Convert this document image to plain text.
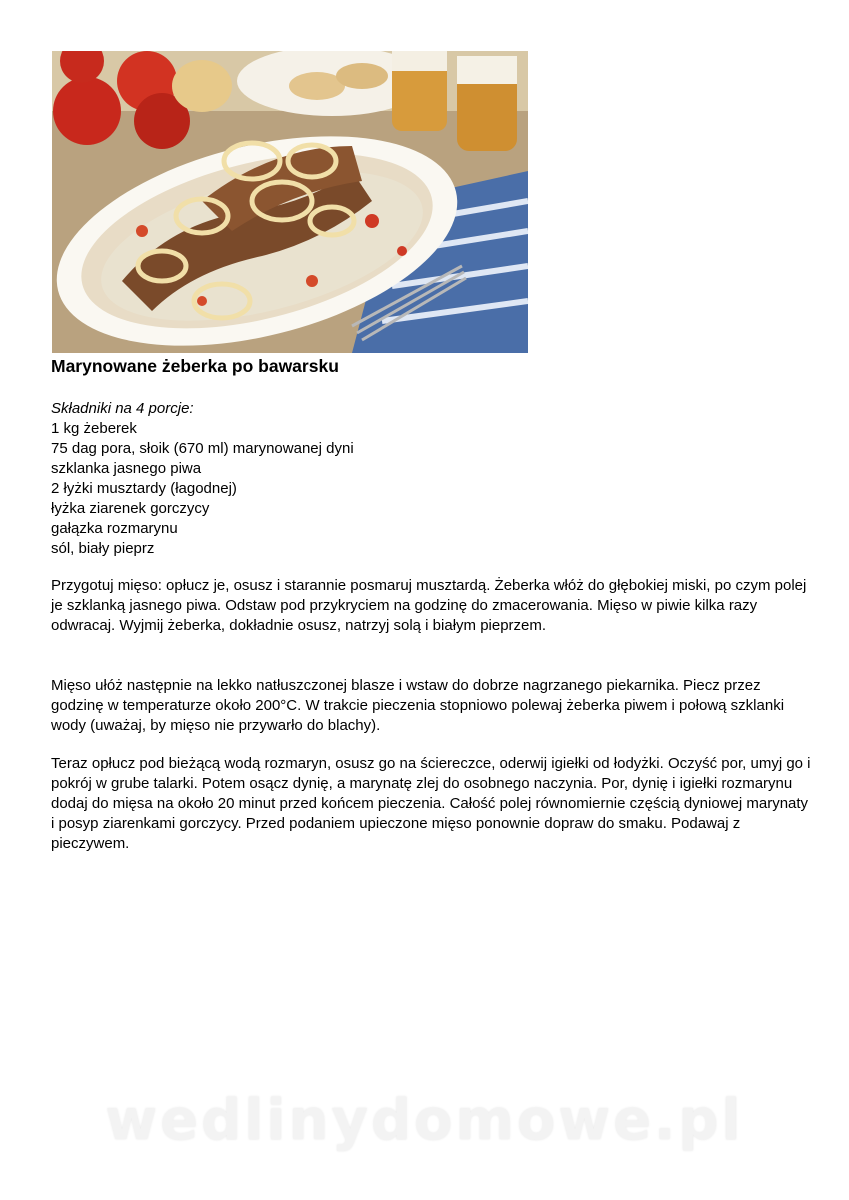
Marynowane żeberka po bawarsku
Składniki na 4 porcje:
1 kg żeberek
75 dag pora, słoik (670 ml) marynowanej dyni
szklanka jasnego piwa
2 łyżki musztardy (łagodnej)
łyżka ziarenek gorczycy
gałązka rozmarynu
sól, biały pieprz

Przygotuj mięso: opłucz je, osusz i starannie posmaruj musztardą. Żeberka włóż do głębokiej miski, po czym polej je szklanką jasnego piwa. Odstaw pod przykryciem na godzinę do zmacerowania. Mięso w piwie kilka razy odwracaj. Wyjmij żeberka, dokładnie osusz, natrzyj solą i białym pieprzem.

Mięso ułóż następnie na lekko natłuszczonej blasze i wstaw do dobrze nagrzanego piekarnika. Piecz przez godzinę w temperaturze około 200°C. W trakcie pieczenia stopniowo polewaj żeberka piwem i połową szklanki wody (uważaj, by mięso nie przywarło do blachy).

Teraz opłucz pod bieżącą wodą rozmaryn, osusz go na ściereczce, oderwij igiełki od łodyżki. Oczyść por, umyj go i pokrój w grube talarki. Potem osącz dynię, a marynatę zlej do osobnego naczynia. Por, dynię i igiełki rozmarynu dodaj do mięsa na około 20 minut przed końcem pieczenia. Całość polej równomiernie częścią dyniowej marynaty i posyp ziarenkami gorczycy. Przed podaniem upieczone mięso ponownie dopraw do smaku. Podawaj z pieczywem.

wedlinydomowe.pl
